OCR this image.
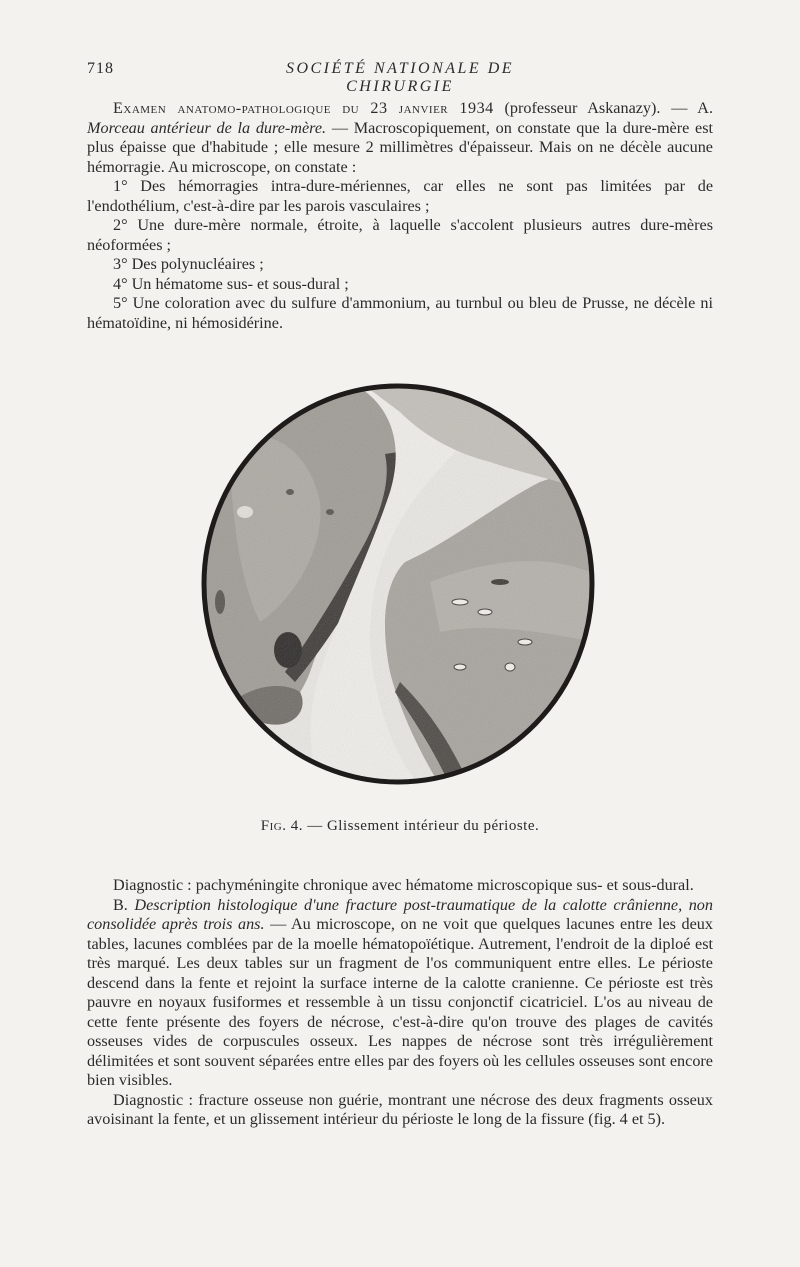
718	SOCIÉTÉ NATIONALE DE CHIRURGIE

Examen anatomo-pathologique du 23 janvier 1934 (professeur Askanazy). — A. Morceau antérieur de la dure-mère. — Macroscopiquement, on constate que la dure-mère est plus épaisse que d'habitude ; elle mesure 2 millimètres d'épaisseur. Mais on ne décèle aucune hémorragie. Au microscope, on constate :

1° Des hémorragies intra-dure-mériennes, car elles ne sont pas limitées par de l'endothélium, c'est-à-dire par les parois vasculaires ;

2° Une dure-mère normale, étroite, à laquelle s'accolent plusieurs autres dure-mères néoformées ;

3° Des polynucléaires ;

4° Un hématome sus- et sous-dural ;

5° Une coloration avec du sulfure d'ammonium, au turnbul ou bleu de Prusse, ne décèle ni hématoïdine, ni hémosidérine.

Fig. 4. — Glissement intérieur du périoste.

Diagnostic : pachyméningite chronique avec hématome microscopique sus- et sous-dural.

B. Description histologique d'une fracture post-traumatique de la calotte crânienne, non consolidée après trois ans. — Au microscope, on ne voit que quelques lacunes entre les deux tables, lacunes comblées par de la moelle hématopoïétique. Autrement, l'endroit de la diploé est très marqué. Les deux tables sur un fragment de l'os communiquent entre elles. Le périoste descend dans la fente et rejoint la surface interne de la calotte cranienne. Ce périoste est très pauvre en noyaux fusiformes et ressemble à un tissu conjonctif cicatriciel. L'os au niveau de cette fente présente des foyers de nécrose, c'est-à-dire qu'on trouve des plages de cavités osseuses vides de corpuscules osseux. Les nappes de nécrose sont très irrégulièrement délimitées et sont souvent séparées entre elles par des foyers où les cellules osseuses sont encore bien visibles.

Diagnostic : fracture osseuse non guérie, montrant une nécrose des deux fragments osseux avoisinant la fente, et un glissement intérieur du périoste le long de la fissure (fig. 4 et 5).
